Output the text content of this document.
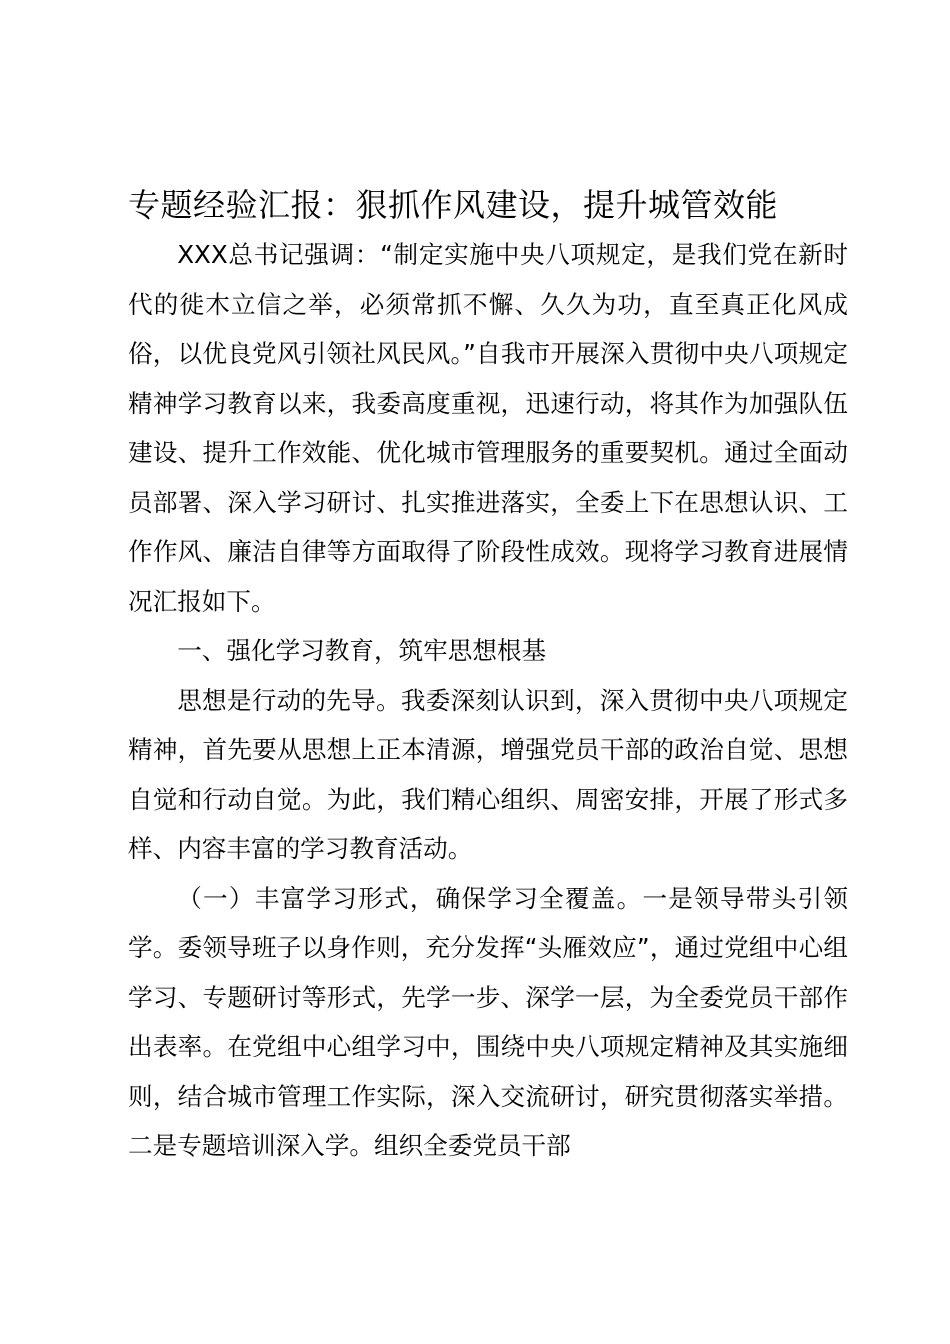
专题经验汇报：狠抓作风建设，提升城管效能

XXX总书记强调：“制定实施中央八项规定，是我们党在新时代的徙木立信之举，必须常抓不懈、久久为功，直至真正化风成俗，以优良党风引领社风民风。”自我市开展深入贯彻中央八项规定精神学习教育以来，我委高度重视，迅速行动，将其作为加强队伍建设、提升工作效能、优化城市管理服务的重要契机。通过全面动员部署、深入学习研讨、扎实推进落实，全委上下在思想认识、工作作风、廉洁自律等方面取得了阶段性成效。现将学习教育进展情况汇报如下。

一、强化学习教育，筑牢思想根基

思想是行动的先导。我委深刻认识到，深入贯彻中央八项规定精神，首先要从思想上正本清源，增强党员干部的政治自觉、思想自觉和行动自觉。为此，我们精心组织、周密安排，开展了形式多样、内容丰富的学习教育活动。

（一）丰富学习形式，确保学习全覆盖。一是领导带头引领学。委领导班子以身作则，充分发挥“头雁效应”，通过党组中心组学习、专题研讨等形式，先学一步、深学一层，为全委党员干部作出表率。在党组中心组学习中，围绕中央八项规定精神及其实施细则，结合城市管理工作实际，深入交流研讨，研究贯彻落实举措。二是专题培训深入学。组织全委党员干部
